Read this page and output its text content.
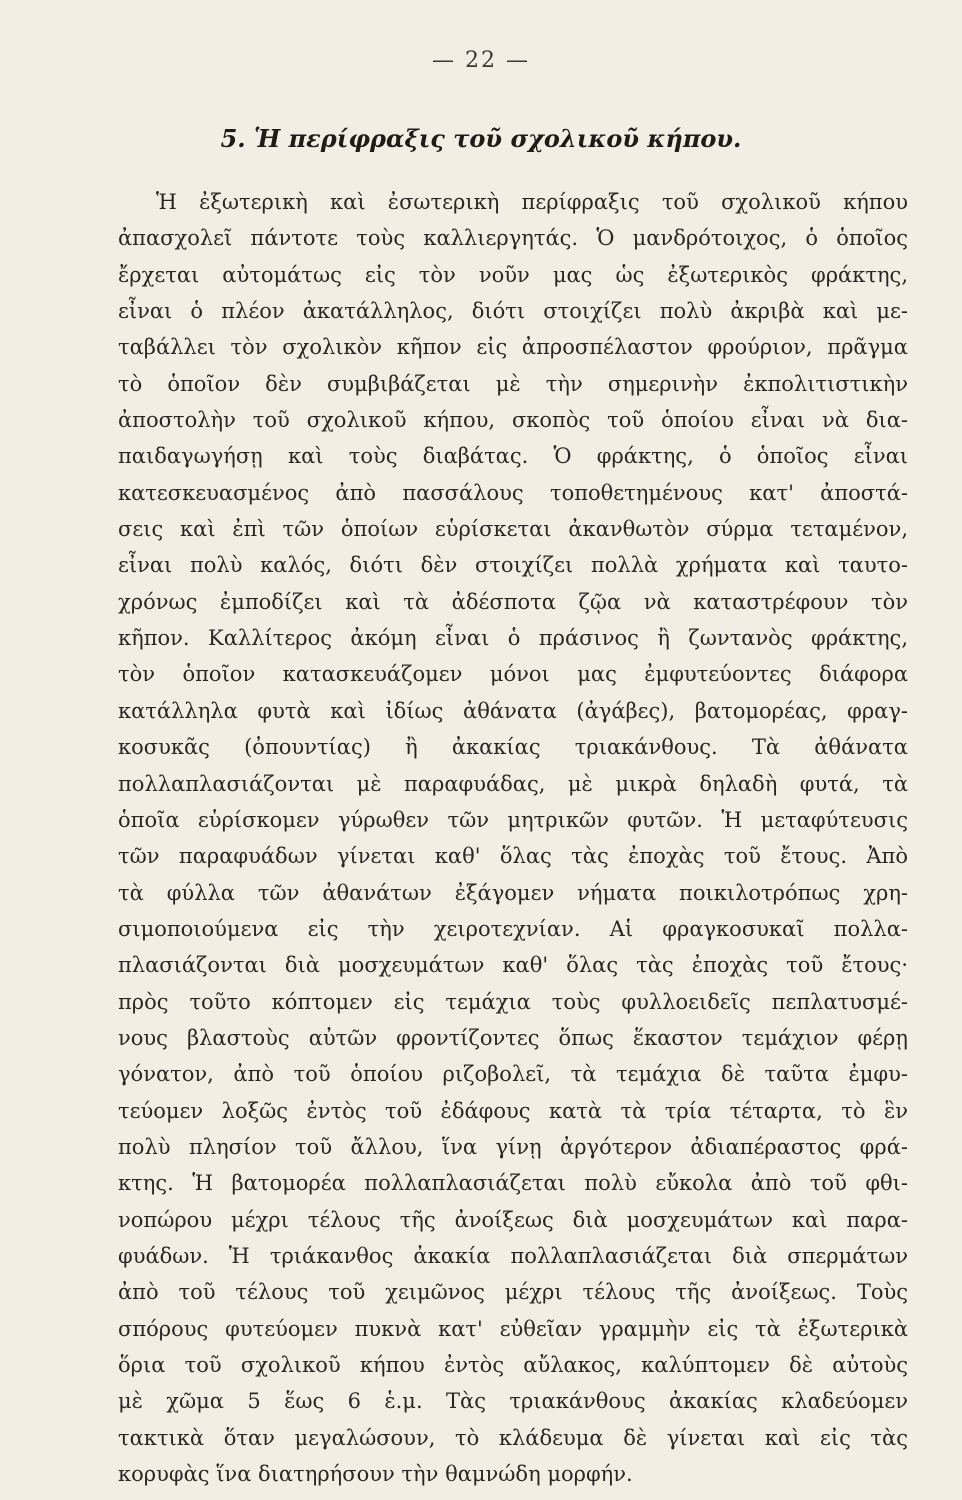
— 22 —
5. Ἡ περίφραξις τοῦ σχολικοῦ κήπου.
Ἡ ἐξωτερικὴ καὶ ἐσωτερικὴ περίφραξις τοῦ σχολικοῦ κήπου
ἀπασχολεῖ πάντοτε τοὺς καλλιεργητάς. Ὁ μανδρότοιχος, ὁ ὁποῖος
ἔρχεται αὐτομάτως εἰς τὸν νοῦν μας ὡς ἐξωτερικὸς φράκτης,
εἶναι ὁ πλέον ἀκατάλληλος, διότι στοιχίζει πολὺ ἀκριβὰ καὶ με-
ταβάλλει τὸν σχολικὸν κῆπον εἰς ἀπροσπέλαστον φρούριον, πρᾶγμα
τὸ ὁποῖον δὲν συμβιβάζεται μὲ τὴν σημερινὴν ἐκπολιτιστικὴν
ἀποστολὴν τοῦ σχολικοῦ κήπου, σκοπὸς τοῦ ὁποίου εἶναι νὰ δια-
παιδαγωγήσῃ καὶ τοὺς διαβάτας. Ὁ φράκτης, ὁ ὁποῖος εἶναι
κατεσκευασμένος ἀπὸ πασσάλους τοποθετημένους κατ' ἀποστά-
σεις καὶ ἐπὶ τῶν ὁποίων εὑρίσκεται ἀκανθωτὸν σύρμα τεταμένον,
εἶναι πολὺ καλός, διότι δὲν στοιχίζει πολλὰ χρήματα καὶ ταυτο-
χρόνως ἐμποδίζει καὶ τὰ ἀδέσποτα ζῷα νὰ καταστρέφουν τὸν
κῆπον. Καλλίτερος ἀκόμη εἶναι ὁ πράσινος ἢ ζωντανὸς φράκτης,
τὸν ὁποῖον κατασκευάζομεν μόνοι μας ἐμφυτεύοντες διάφορα
κατάλληλα φυτὰ καὶ ἰδίως ἀθάνατα (ἀγάβες), βατομορέας, φραγ-
κοσυκᾶς (ὀπουντίας) ἢ ἀκακίας τριακάνθους. Τὰ ἀθάνατα
πολλαπλασιάζονται μὲ παραφυάδας, μὲ μικρὰ δηλαδὴ φυτά, τὰ
ὁποῖα εὑρίσκομεν γύρωθεν τῶν μητρικῶν φυτῶν. Ἡ μεταφύτευσις
τῶν παραφυάδων γίνεται καθ' ὅλας τὰς ἐποχὰς τοῦ ἔτους. Ἀπὸ
τὰ φύλλα τῶν ἀθανάτων ἐξάγομεν νήματα ποικιλοτρόπως χρη-
σιμοποιούμενα εἰς τὴν χειροτεχνίαν. Αἱ φραγκοσυκαῖ πολλα-
πλασιάζονται διὰ μοσχευμάτων καθ' ὅλας τὰς ἐποχὰς τοῦ ἔτους·
πρὸς τοῦτο κόπτομεν εἰς τεμάχια τοὺς φυλλοειδεῖς πεπλατυσμέ-
νους βλαστοὺς αὐτῶν φροντίζοντες ὅπως ἕκαστον τεμάχιον φέρῃ
γόνατον, ἀπὸ τοῦ ὁποίου ριζοβολεῖ, τὰ τεμάχια δὲ ταῦτα ἐμφυ-
τεύομεν λοξῶς ἐντὸς τοῦ ἐδάφους κατὰ τὰ τρία τέταρτα, τὸ ἓν
πολὺ πλησίον τοῦ ἄλλου, ἵνα γίνῃ ἀργότερον ἀδιαπέραστος φρά-
κτης. Ἡ βατομορέα πολλαπλασιάζεται πολὺ εὔκολα ἀπὸ τοῦ φθι-
νοπώρου μέχρι τέλους τῆς ἀνοίξεως διὰ μοσχευμάτων καὶ παρα-
φυάδων. Ἡ τριάκανθος ἀκακία πολλαπλασιάζεται διὰ σπερμάτων
ἀπὸ τοῦ τέλους τοῦ χειμῶνος μέχρι τέλους τῆς ἀνοίξεως. Τοὺς
σπόρους φυτεύομεν πυκνὰ κατ' εὐθεῖαν γραμμὴν εἰς τὰ ἐξωτερικὰ
ὅρια τοῦ σχολικοῦ κήπου ἐντὸς αὔλακος, καλύπτομεν δὲ αὐτοὺς
μὲ χῶμα 5 ἕως 6 ἑ.μ. Τὰς τριακάνθους ἀκακίας κλαδεύομεν
τακτικὰ ὅταν μεγαλώσουν, τὸ κλάδευμα δὲ γίνεται καὶ εἰς τὰς
κορυφὰς ἵνα διατηρήσουν τὴν θαμνώδη μορφήν.
